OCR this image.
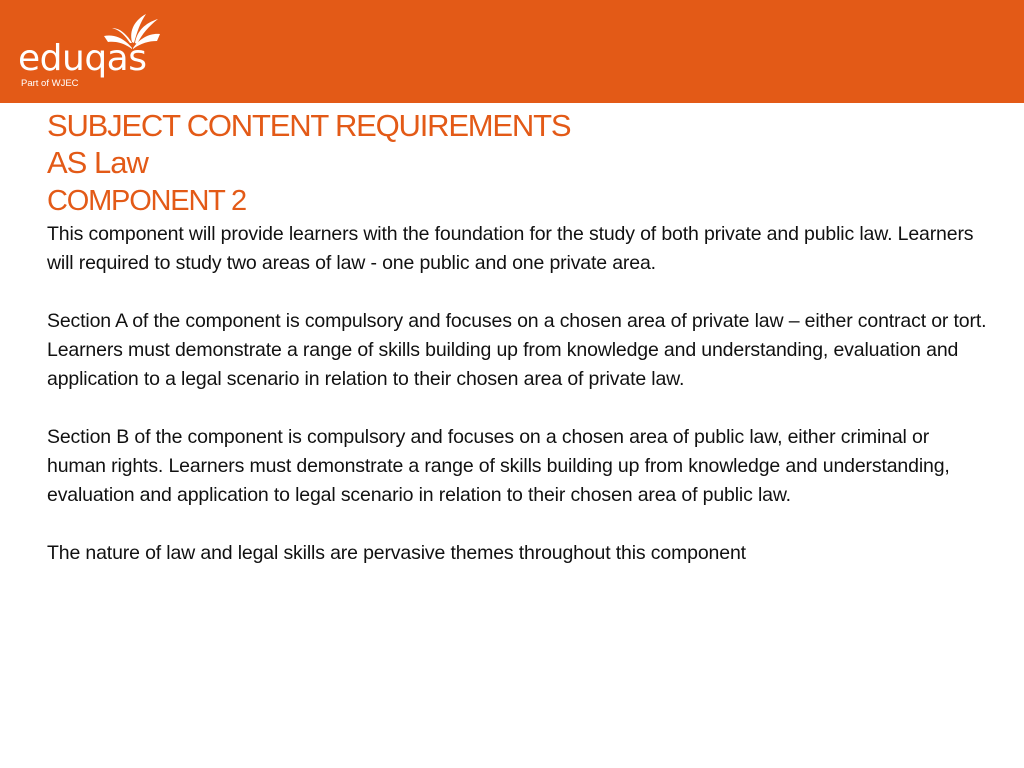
eduqas
Part of WJEC
SUBJECT CONTENT REQUIREMENTS
AS Law
COMPONENT 2

This component will provide learners with the foundation for the study of both private and public law. Learners will required to study two areas of law - one public and one private area.

Section A of the component is compulsory and focuses on a chosen area of private law – either contract or tort. Learners must demonstrate a range of skills building up from knowledge and understanding, evaluation and application to a legal scenario in relation to their chosen area of private law.

Section B of the component is compulsory and focuses on a chosen area of public law, either criminal or human rights. Learners must demonstrate a range of skills building up from knowledge and understanding, evaluation and application to legal scenario in relation to their chosen area of public law.

The nature of law and legal skills are pervasive themes throughout this component
